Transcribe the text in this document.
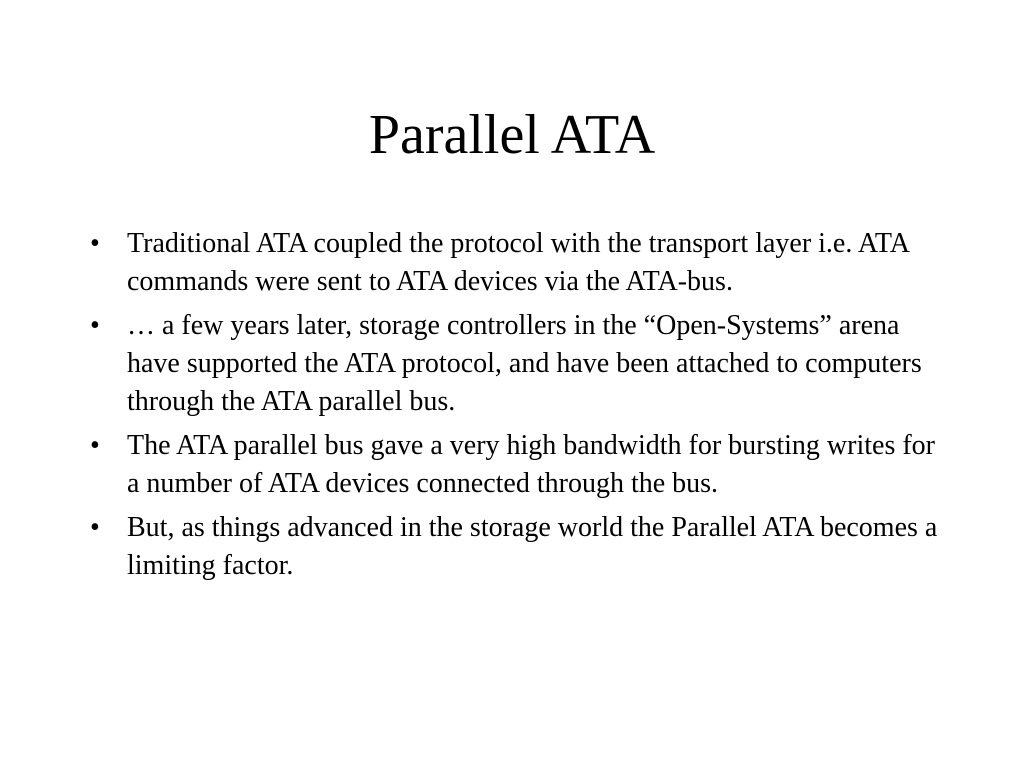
Parallel ATA
• Traditional ATA coupled the protocol with the transport layer i.e. ATA commands were sent to ATA devices via the ATA-bus.
• … a few years later, storage controllers in the “Open-Systems” arena have supported the ATA protocol, and have been attached to computers through the ATA parallel bus.
• The ATA parallel bus gave a very high bandwidth for bursting writes for a number of ATA devices connected through the bus.
• But, as things advanced in the storage world the Parallel ATA becomes a limiting factor.
